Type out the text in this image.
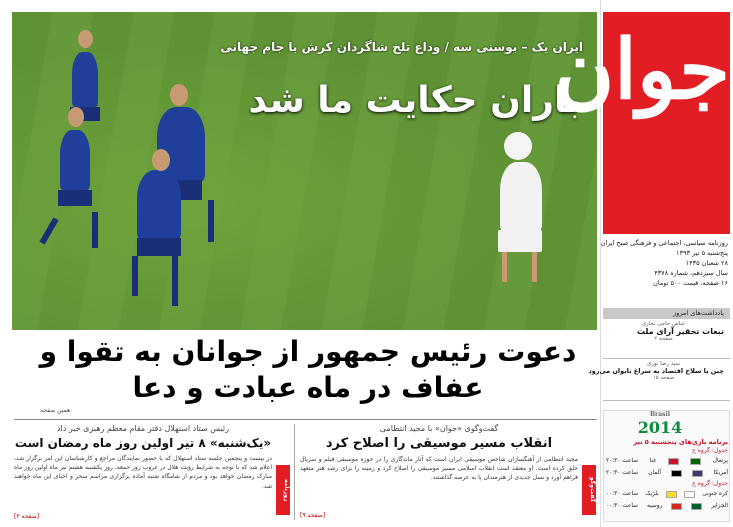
ایران یک – بوسنی سه / وداع تلخ شاگردان کرش با جام جهانی
باران حکایت ما شد
جوان
روزنامه سیاسی، اجتماعی و فرهنگی صبح ایران
پنج‌شنبه ۵ تیر ۱۳۹۳
۲۸ شعبان ۱۴۳۵
سال سیزدهم، شماره ۴۳۷۸
۱۶ صفحه، قیمت ۵۰۰ تومان
یادداشت‌های امروز
عباس حاجی نجاری
تبعات تحقیر آرای ملت
صفحه ۲
سید رضا نوری
چین با سلاح اقتصاد به سراغ تایوان می‌رود
صفحه ۱۵
Brasil
2014
برنامه بازی‌های پنجشنبه ۵ تیر
جدول: گروه ح
پرتغال
غنا
ساعت ۲۰:۳۰
آمریکا
آلمان
ساعت ۲۰:۳۰
جدول: گروه ج
کره جنوبی
بلژیک
ساعت ۰۰:۳۰
الجزایر
روسیه
ساعت ۰۰:۳۰
دعوت رئیس جمهور از جوانان به تقوا و عفاف در ماه عبادت و دعا
همین صفحه
رئیس ستاد استهلال دفتر مقام معظم رهبری خبر داد
«یک‌شنبه» ۸ تیر اولین روز ماه رمضان است
در بیست و پنجمین جلسه ستاد استهلال که با حضور نمایندگان مراجع و کارشناسان این امر برگزار شد، اعلام شد که با توجه به شرایط رؤیت هلال در غروب روز جمعه، روز یکشنبه هشتم تیر ماه اولین روز ماه مبارک رمضان خواهد بود و مردم از شامگاه شنبه آماده برگزاری مراسم سحر و احیای این ماه خواهند شد.
[صفحه ۳]
روزنامه
گفت‌وگوی «جوان» با مجید انتظامی
انقلاب مسیر موسیقی را اصلاح کرد
مجید انتظامی از آهنگسازان شاخص موسیقی ایران است که آثار ماندگاری را در حوزه موسیقی فیلم و سریال خلق کرده است. او معتقد است انقلاب اسلامی مسیر موسیقی را اصلاح کرد و زمینه را برای رشد هنر متعهد فراهم آورد و نسل جدیدی از هنرمندان پا به عرصه گذاشتند.
[صفحه ۹]
گفت‌وگو
